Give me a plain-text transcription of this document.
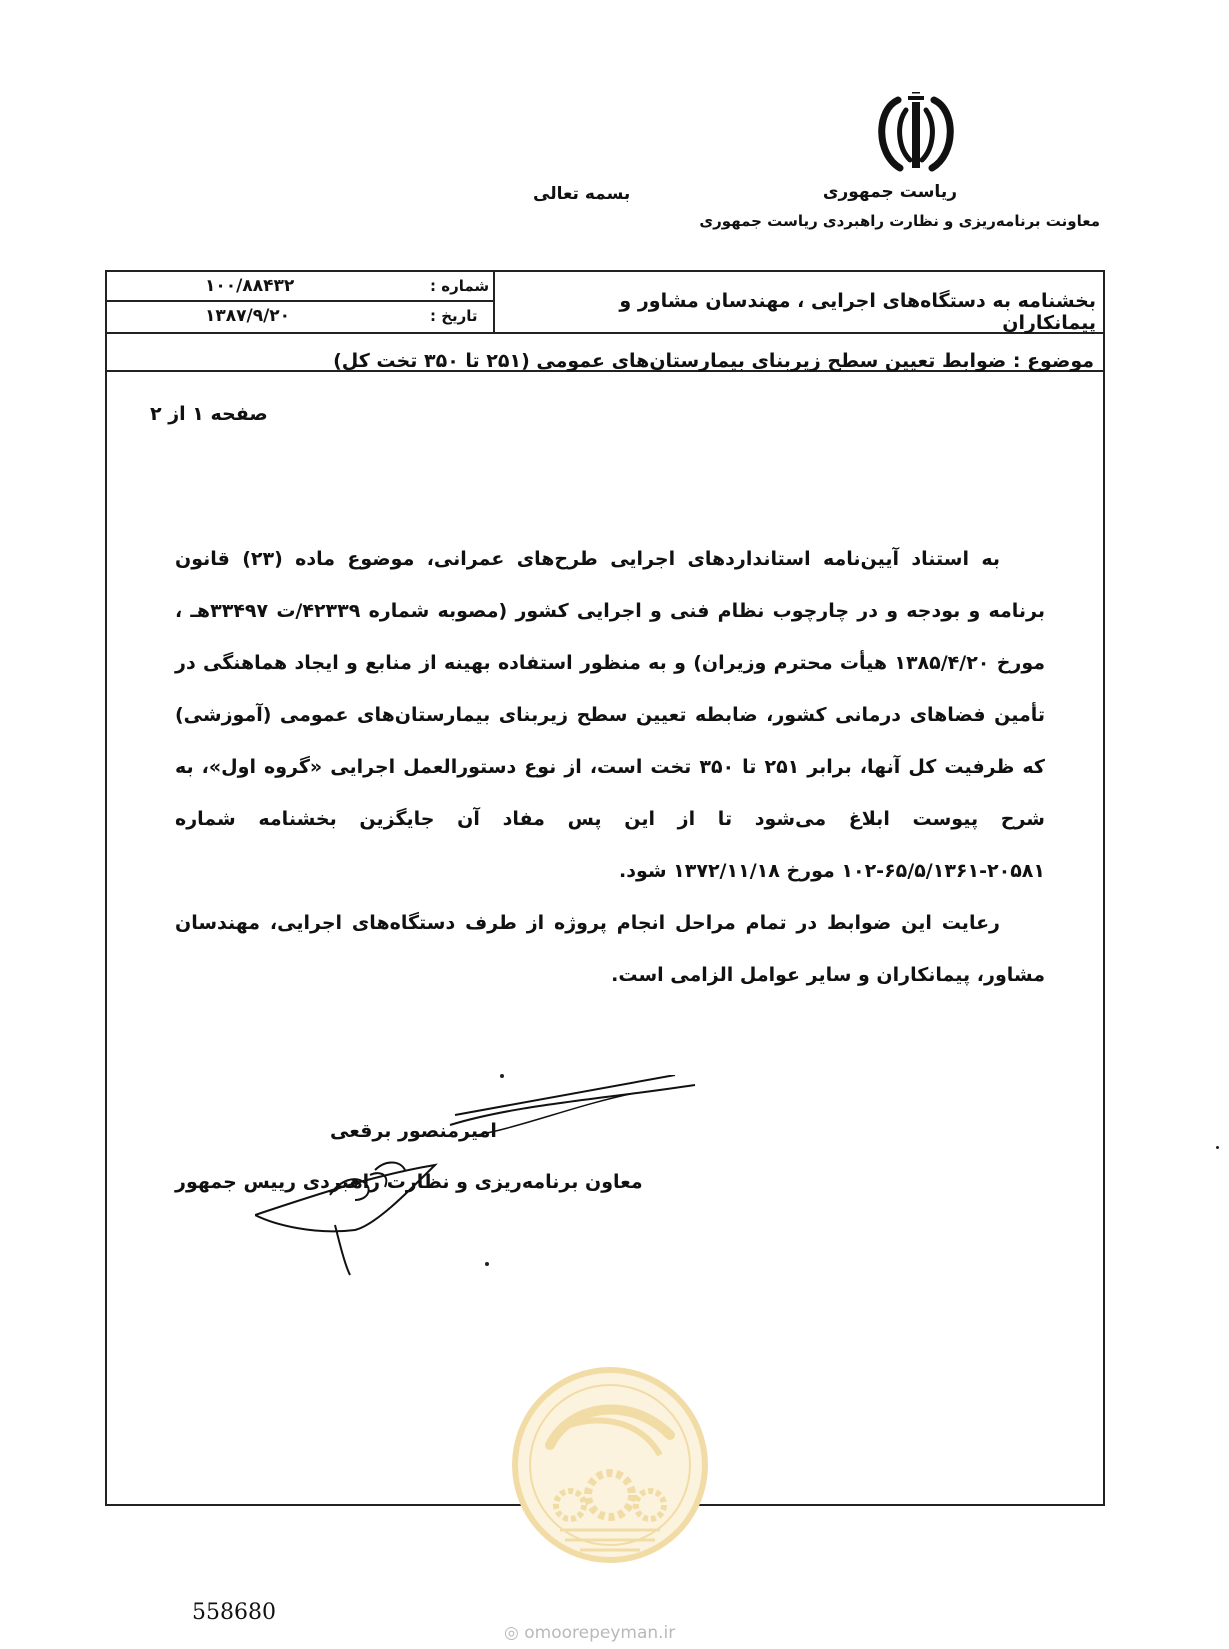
ریاست جمهوری
معاونت برنامه‌ریزی و نظارت راهبردی ریاست جمهوری
بسمه تعالی
بخشنامه به دستگاه‌های اجرایی ، مهندسان مشاور و پیمانکاران
شماره :
۱۰۰/۸۸۴۳۲
تاریخ :
۱۳۸۷/۹/۲۰
موضوع : ضوابط تعیین سطح زیربنای بیمارستان‌های عمومی (۲۵۱ تا ۳۵۰ تخت کل)
صفحه ۱ از ۲

به استناد آیین‌نامه استانداردهای اجرایی طرح‌های عمرانی، موضوع ماده (۲۳) قانون برنامه و بودجه و در چارچوب نظام فنی و اجرایی کشور (مصوبه شماره ۴۲۳۳۹/ت ۳۳۴۹۷هـ ، مورخ ۱۳۸۵/۴/۲۰ هیأت محترم وزیران) و به منظور استفاده بهینه از منابع و ایجاد هماهنگی در تأمین فضاهای درمانی کشور، ضابطه تعیین سطح زیربنای بیمارستان‌های عمومی (آموزشی) که ظرفیت کل آنها، برابر ۲۵۱ تا ۳۵۰ تخت است، از نوع دستورالعمل اجرایی «گروه اول»، به شرح پیوست ابلاغ می‌شود تا از این پس مفاد آن جایگزین بخشنامه شماره ۲۰۵۸۱-۶۵/۵/۱۳۶۱-۱۰۲ مورخ ۱۳۷۲/۱۱/۱۸ شود.

رعایت این ضوابط در تمام مراحل انجام پروژه از طرف دستگاه‌های اجرایی، مهندسان مشاور، پیمانکاران و سایر عوامل الزامی است.

امیرمنصور برقعی
معاون برنامه‌ریزی و نظارت راهبردی رییس جمهور
558680
◎ omoorepeyman.ir
